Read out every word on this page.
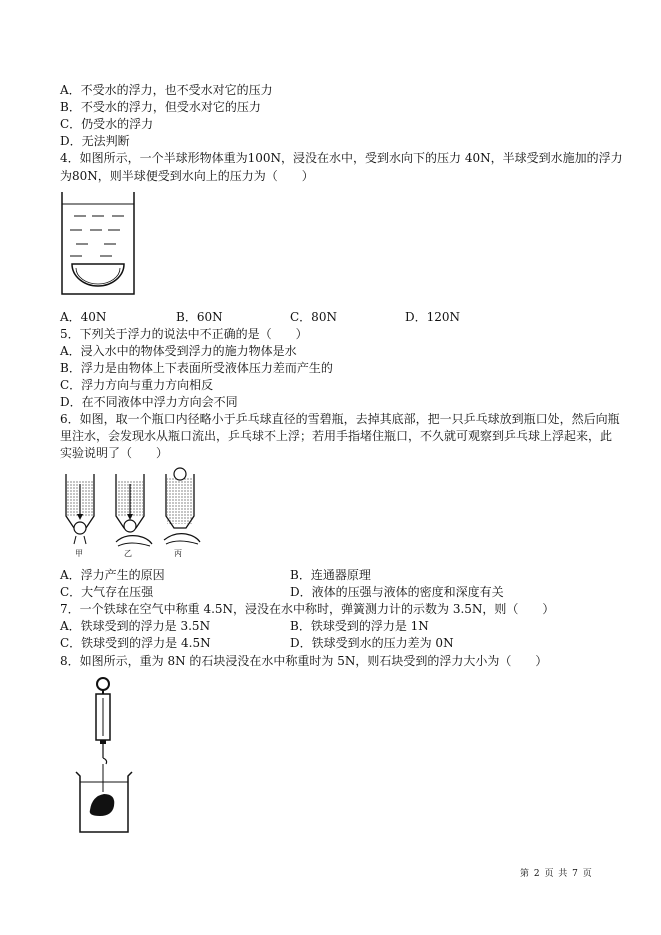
A．不受水的浮力，也不受水对它的压力
B．不受水的浮力，但受水对它的压力
C．仍受水的浮力
D．无法判断
4．如图所示，一个半球形物体重为100N，浸没在水中，受到水向下的压力 40N，半球受到水施加的浮力
为80N，则半球便受到水向上的压力为（　　）
A．40N	B．60N	C．80N	D．120N
5．下列关于浮力的说法中不正确的是（　　）
A．浸入水中的物体受到浮力的施力物体是水
B．浮力是由物体上下表面所受液体压力差而产生的
C．浮力方向与重力方向相反
D．在不同液体中浮力方向会不同
6．如图，取一个瓶口内径略小于乒乓球直径的雪碧瓶，去掉其底部，把一只乒乓球放到瓶口处，然后向瓶
里注水，会发现水从瓶口流出，乒乓球不上浮；若用手指堵住瓶口，不久就可观察到乒乓球上浮起来，此
实验说明了（　　）
甲	乙	丙
A．浮力产生的原因	B．连通器原理
C．大气存在压强	D．液体的压强与液体的密度和深度有关
7．一个铁球在空气中称重 4.5N，浸没在水中称时，弹簧测力计的示数为 3.5N，则（　　）
A．铁球受到的浮力是 3.5N	B．铁球受到的浮力是 1N
C．铁球受到的浮力是 4.5N	D．铁球受到水的压力差为 0N
8．如图所示，重为 8N 的石块浸没在水中称重时为 5N，则石块受到的浮力大小为（　　）
第 2 页 共 7 页
